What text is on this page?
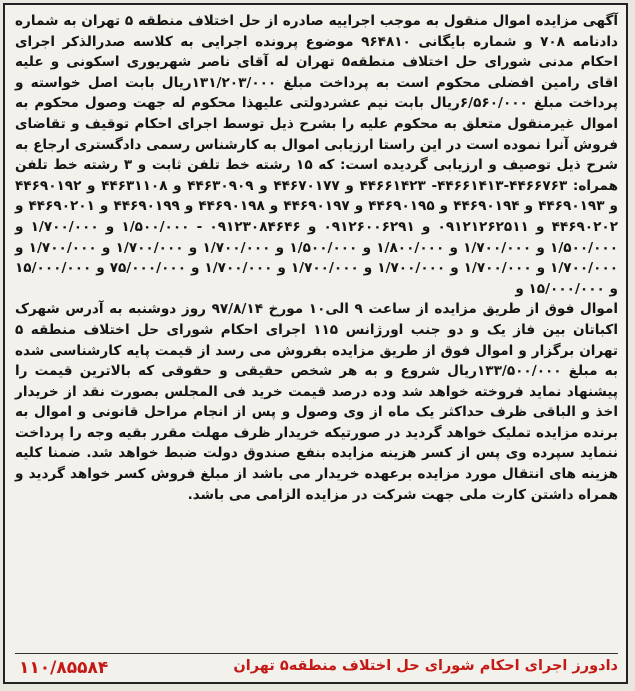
آگهی مزایده اموال منقول به موجب اجراییه صادره از حل اختلاف منطقه ۵ تهران به شماره دادنامه ۷۰۸ و شماره بایگانی ۹۶۴۸۱۰ موضوع پرونده اجرایی به کلاسه صدرالذکر اجرای احکام مدنی شورای حل اختلاف منطقه۵ تهران له آقای ناصر شهریوری اسکونی و علیه اقای رامین افضلی محکوم است به پرداخت مبلغ ۱۳۱/۲۰۳/۰۰۰ریال بابت اصل خواسته و پرداخت مبلغ ۶/۵۶۰/۰۰۰ریال بابت نیم عشردولتی علیهذا محکوم له جهت وصول محکوم به اموال غیرمنقول متعلق به محکوم علیه را بشرح ذیل توسط اجرای احکام توقیف و تقاضای فروش آنرا نموده است در این راستا ارزیابی اموال به کارشناس رسمی دادگستری ارجاع به شرح ذیل توصیف و ارزیابی گردیده است: که ۱۵ رشته خط تلفن ثابت و ۳ رشته خط تلفن همراه: ۴۴۶۶۷۶۳-۴۴۶۶۱۴۱۳- ۴۴۶۶۱۴۲۳ و ۴۴۶۷۰۱۷۷ و ۴۴۶۳۰۹۰۹ و ۴۴۶۳۱۱۰۸ و ۴۴۶۹۰۱۹۲ و ۴۴۶۹۰۱۹۳ و ۴۴۶۹۰۱۹۴ و ۴۴۶۹۰۱۹۵ و ۴۴۶۹۰۱۹۷ و ۴۴۶۹۰۱۹۸ و ۴۴۶۹۰۱۹۹ و ۴۴۶۹۰۲۰۱ و ۴۴۶۹۰۲۰۲ و ۰۹۱۲۱۲۶۲۵۱۱ و ۰۹۱۲۶۰۰۶۲۹۱ و ۰۹۱۲۳۰۸۴۶۴۶ - ۱/۵۰۰/۰۰۰ و ۱/۷۰۰/۰۰۰ و ۱/۵۰۰/۰۰۰ و ۱/۷۰۰/۰۰۰ و ۱/۸۰۰/۰۰۰ و ۱/۵۰۰/۰۰۰ و ۱/۷۰۰/۰۰۰ و ۱/۷۰۰/۰۰۰ و ۱/۷۰۰/۰۰۰ و ۱/۷۰۰/۰۰۰ و ۱/۷۰۰/۰۰۰ و ۱/۷۰۰/۰۰۰ و ۱/۷۰۰/۰۰۰ و ۱/۷۰۰/۰۰۰ و ۷۵/۰۰۰/۰۰۰ و ۱۵/۰۰۰/۰۰۰ و ۱۵/۰۰۰/۰۰۰ و

اموال فوق از طریق مزایده از ساعت ۹ الی۱۰ مورخ ۹۷/۸/۱۴ روز دوشنبه به آدرس شهرک اکباتان بین فاز یک و دو جنب اورژانس ۱۱۵ اجرای احکام شورای حل اختلاف منطقه ۵ تهران برگزار و اموال فوق از طریق مزایده بفروش می رسد از قیمت پایه کارشناسی شده به مبلغ ۱۳۳/۵۰۰/۰۰۰ریال شروع و به هر شخص حقیقی و حقوقی که بالاترین قیمت را پیشنهاد نماید فروخته خواهد شد وده درصد قیمت خرید فی المجلس بصورت نقد از خریدار اخذ و الباقی ظرف حداکثر یک ماه از وی وصول و پس از انجام مراحل قانونی و اموال به برنده مزایده تملیک خواهد گردید در صورتیکه خریدار ظرف مهلت مقرر بقیه وجه را پرداخت ننماید سپرده وی پس از کسر هزینه مزایده بنفع صندوق دولت ضبط خواهد شد. ضمنا کلیه هزینه های انتقال مورد مزایده برعهده خریدار می باشد از مبلغ فروش کسر خواهد گردید و همراه داشتن کارت ملی جهت شرکت در مزایده الزامی می باشد.

دادورز اجرای احکام شورای حل اختلاف منطقه۵ تهران
۱۱۰/۸۵۵۸۴
